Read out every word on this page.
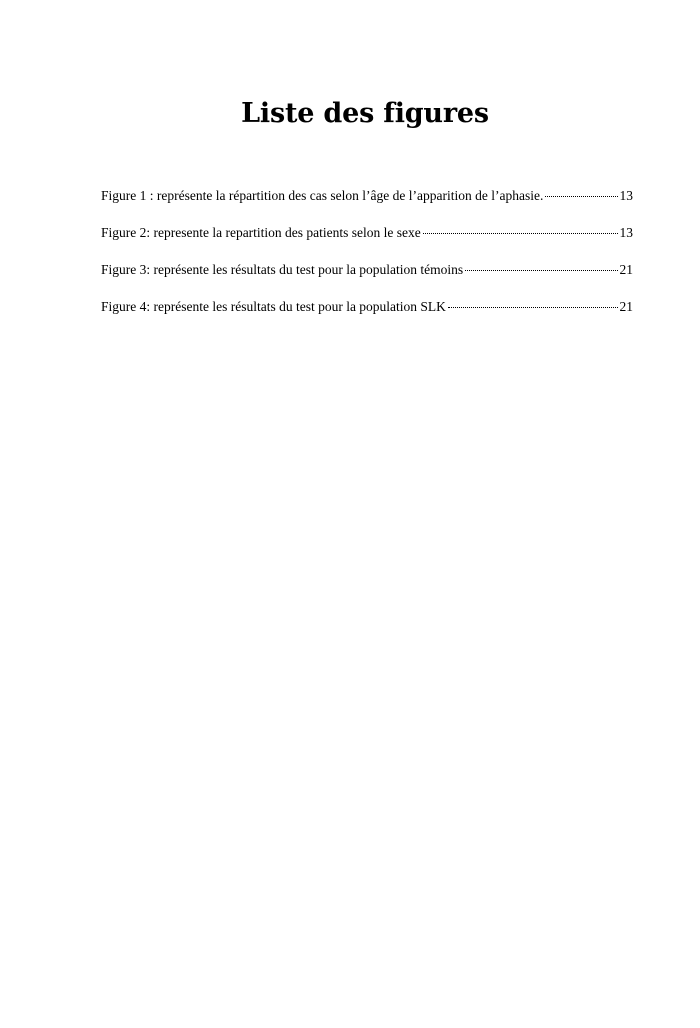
Liste des figures
Figure 1 : représente la répartition des cas selon l’âge de l’apparition de l’aphasie.	13
Figure 2: represente la repartition des patients selon le sexe	13
Figure 3: représente les résultats du test pour la population témoins	21
Figure 4: représente les résultats du test pour la population SLK	21
